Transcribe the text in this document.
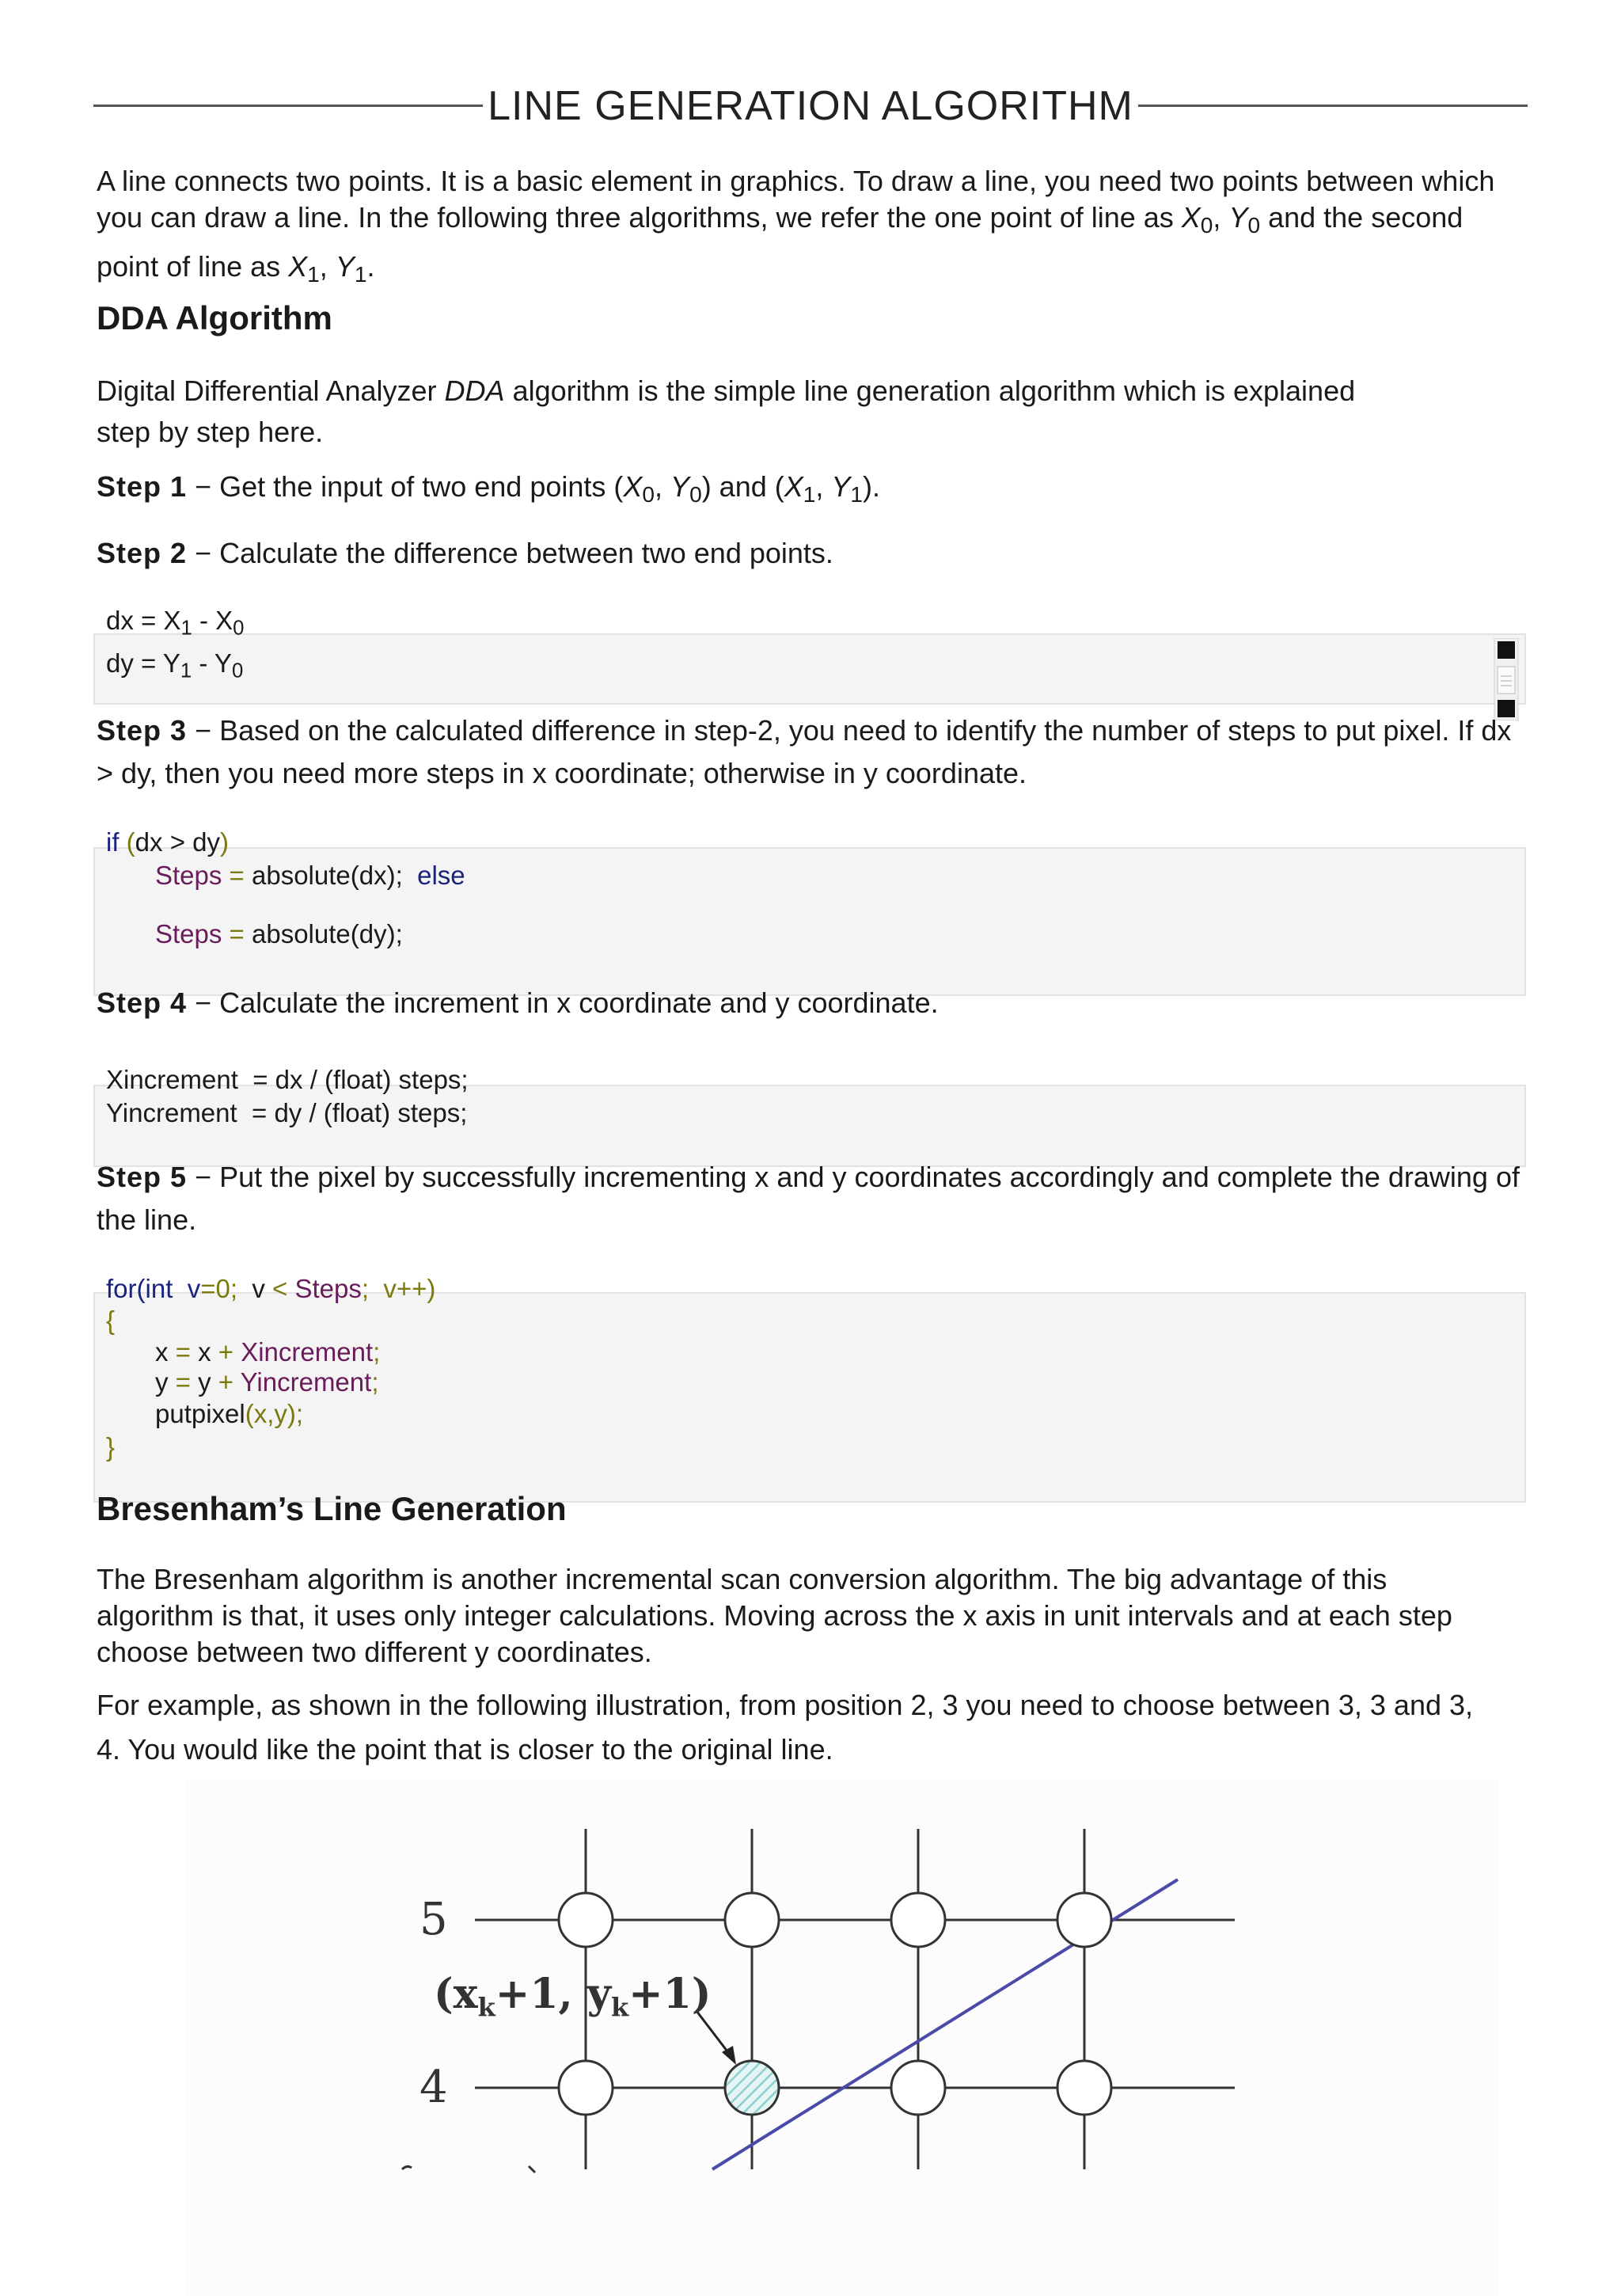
LINE GENERATION ALGORITHM
A line connects two points. It is a basic element in graphics. To draw a line, you need two points between which
you can draw a line. In the following three algorithms, we refer the one point of line as $X_0$, $Y_0$ and the second
point of line as $X_1$, $Y_1$.
DDA Algorithm
Digital Differential Analyzer DDA algorithm is the simple line generation algorithm which is explained
step by step here.
Step 1 − Get the input of two end points ($X_0$, $Y_0$) and ($X_1$, $Y_1$).
Step 2 − Calculate the difference between two end points.
dx = $X_1 - X_0$
dy = $Y_1 - Y_0$
Step 3 − Based on the calculated difference in step-2, you need to identify the number of steps to put pixel. If dx
> dy, then you need more steps in x coordinate; otherwise in y coordinate.
if (dx > dy)
Steps = absolute(dx); else
Steps = absolute(dy);
Step 4 − Calculate the increment in x coordinate and y coordinate.
Xincrement  = dx / (float) steps;
Yincrement  = dy / (float) steps;
Step 5 − Put the pixel by successfully incrementing x and y coordinates accordingly and complete the drawing of
the line.
for(int  v=0;  v < Steps;  v++)
{
x = x + Xincrement;
y = y + Yincrement;
putpixel(x,y);
}
Bresenham’s Line Generation
The Bresenham algorithm is another incremental scan conversion algorithm. The big advantage of this
algorithm is that, it uses only integer calculations. Moving across the x axis in unit intervals and at each step
choose between two different y coordinates.
For example, as shown in the following illustration, from position 2, 3 you need to choose between 3, 3 and 3,
4. You would like the point that is closer to the original line.
5
4
(xk+1, yk+1)
